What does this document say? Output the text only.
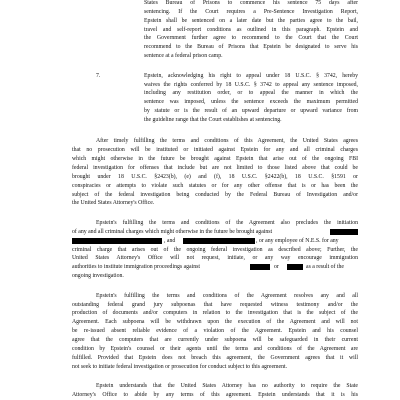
States Bureau of Prisons to commence his sentence 75 days after

sentencing. If the Court requires a Pre-Sentence Investigation Report,

Epstein shall be sentenced on a later date but the parties agree to the bail,

travel and self-report conditions as outlined in this paragraph. Epstein and

the Government further agree to recommend to the Court that the Court

recommend to the Bureau of Prisons that Epstein be designated to serve his

sentence at a federal prison camp.

7.	Epstein, acknowledging his right to appeal under 18 U.S.C. § 3742, hereby

waives the rights conferred by 18 U.S.C. § 3742 to appeal any sentence imposed,

including any restitution order, or to appeal the manner in which the

sentence was imposed, unless the sentence exceeds the maximum permitted

by statute or is the result of an upward departure or upward variance from

the guideline range that the Court establishes at sentencing.

After timely fulfilling the terms and conditions of this Agreement, the United States agrees

that no prosecution will be instituted or initiated against Epstein for any and all criminal charges

which might otherwise in the future be brought against Epstein that arise out of the ongoing FBI

federal investigation for offenses that include but are not limited to those listed above that could be

brought under 18 U.S.C. §2423(b), (e) and (f), 18 U.S.C. §2422(b), 18 U.S.C. §1591 or

conspiracies or attempts to violate such statutes or for any other offense that is or has been the

subject of the federal investigation being conducted by the Federal Bureau of Investigation and/or

the United States Attorney's Office.

Epstein's fulfilling the terms and conditions of the Agreement also precludes the initiation

of any and all criminal charges which might otherwise in the future be brought against

, and	, or any employee of N.E.S. for any

criminal charge that arises out of the ongoing federal investigation as described above; Further, the

United States Attorney's Office will not request, initiate, or any way encourage immigration

authorities to institute immigration proceedings against	or	as a result of the

ongoing investigation.

Epstein's fulfilling the terms and conditions of the Agreement resolves any and all

outstanding federal grand jury subpoenas that have requested witness testimony and/or the

production of documents and/or computers in relation to the investigation that is the subject of the

Agreement. Each subpoena will be withdrawn upon the execution of the Agreement and will not

be re-issued absent reliable evidence of a violation of the Agreement. Epstein and his counsel

agree that the computers that are currently under subpoena will be safeguarded in their current

condition by Epstein's counsel or their agents until the terms and conditions of the Agreement are

fulfilled. Provided that Epstein does not breach this agreement, the Government agrees that it will

not seek to initiate federal investigation or prosecution for conduct subject to this agreement.

Epstein understands that the United States Attorney has no authority to require the State

Attorney's Office to abide by any terms of this agreement. Epstein understands that it is his
